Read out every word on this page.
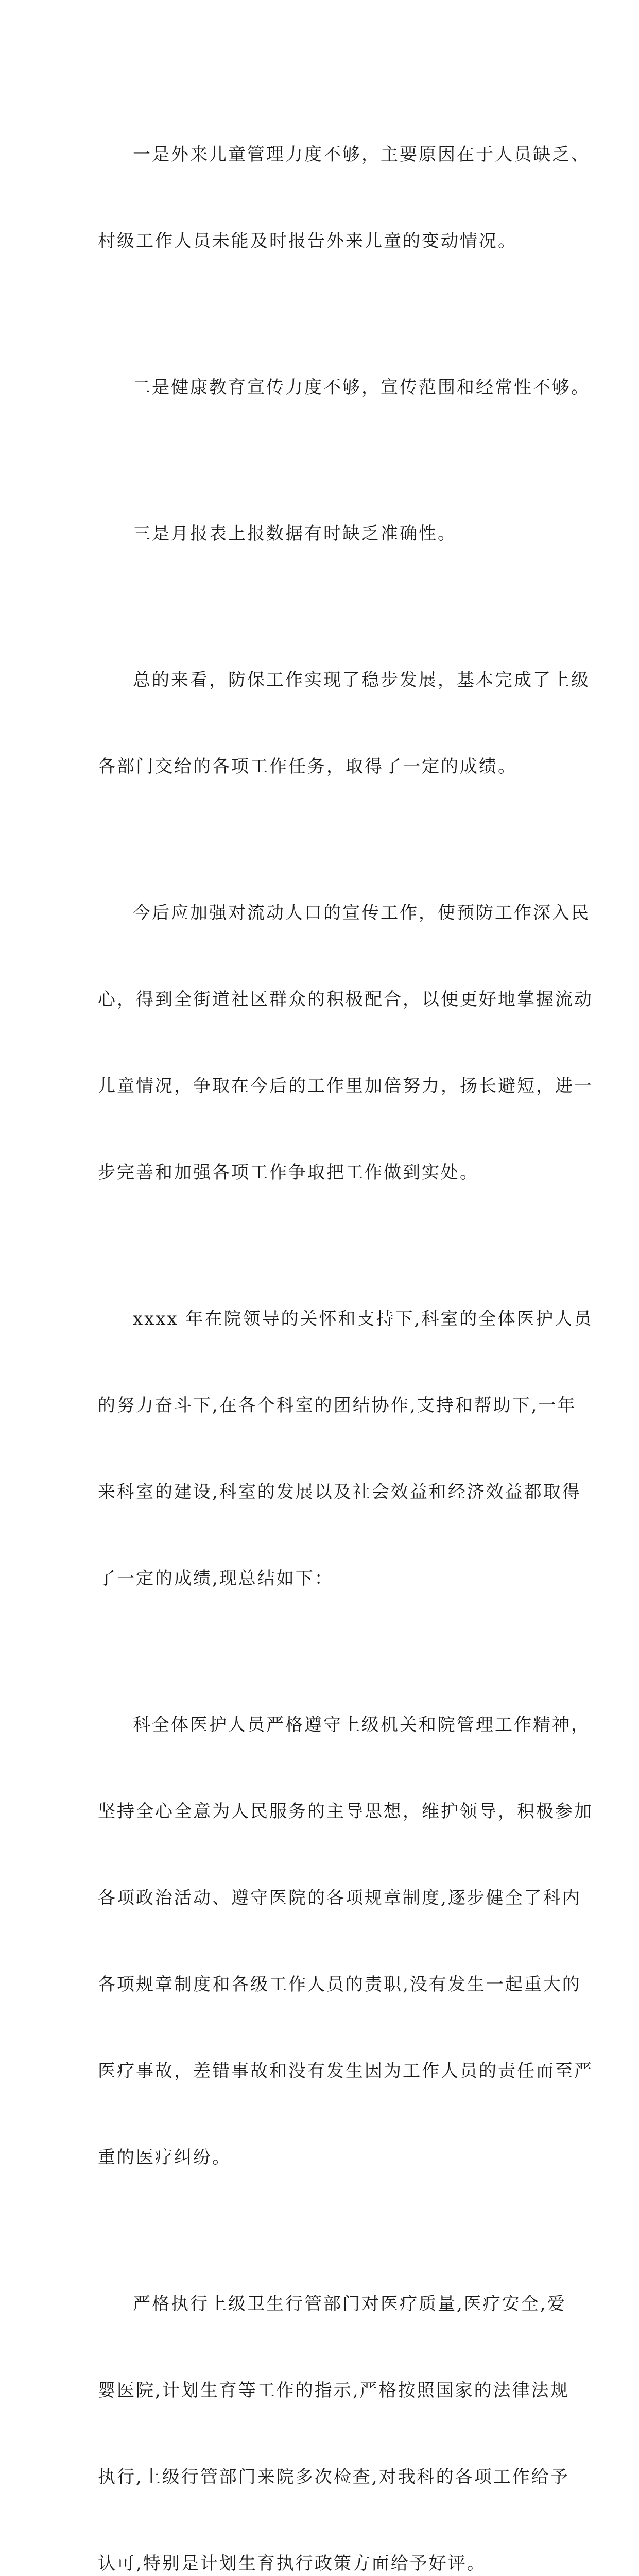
一是外来儿童管理力度不够，主要原因在于人员缺乏、

村级工作人员未能及时报告外来儿童的变动情况。

二是健康教育宣传力度不够，宣传范围和经常性不够。

三是月报表上报数据有时缺乏准确性。

总的来看，防保工作实现了稳步发展，基本完成了上级

各部门交给的各项工作任务，取得了一定的成绩。

今后应加强对流动人口的宣传工作，使预防工作深入民

心，得到全街道社区群众的积极配合，以便更好地掌握流动

儿童情况，争取在今后的工作里加倍努力，扬长避短，进一

步完善和加强各项工作争取把工作做到实处。

xxxx 年在院领导的关怀和支持下,科室的全体医护人员

的努力奋斗下,在各个科室的团结协作,支持和帮助下,一年

来科室的建设,科室的发展以及社会效益和经济效益都取得

了一定的成绩,现总结如下：

科全体医护人员严格遵守上级机关和院管理工作精神，

坚持全心全意为人民服务的主导思想，维护领导，积极参加

各项政治活动、遵守医院的各项规章制度,逐步健全了科内

各项规章制度和各级工作人员的责职,没有发生一起重大的

医疗事故，差错事故和没有发生因为工作人员的责任而至严

重的医疗纠纷。

严格执行上级卫生行管部门对医疗质量,医疗安全,爱

婴医院,计划生育等工作的指示,严格按照国家的法律法规

执行,上级行管部门来院多次检查,对我科的各项工作给予

认可,特别是计划生育执行政策方面给予好评。
